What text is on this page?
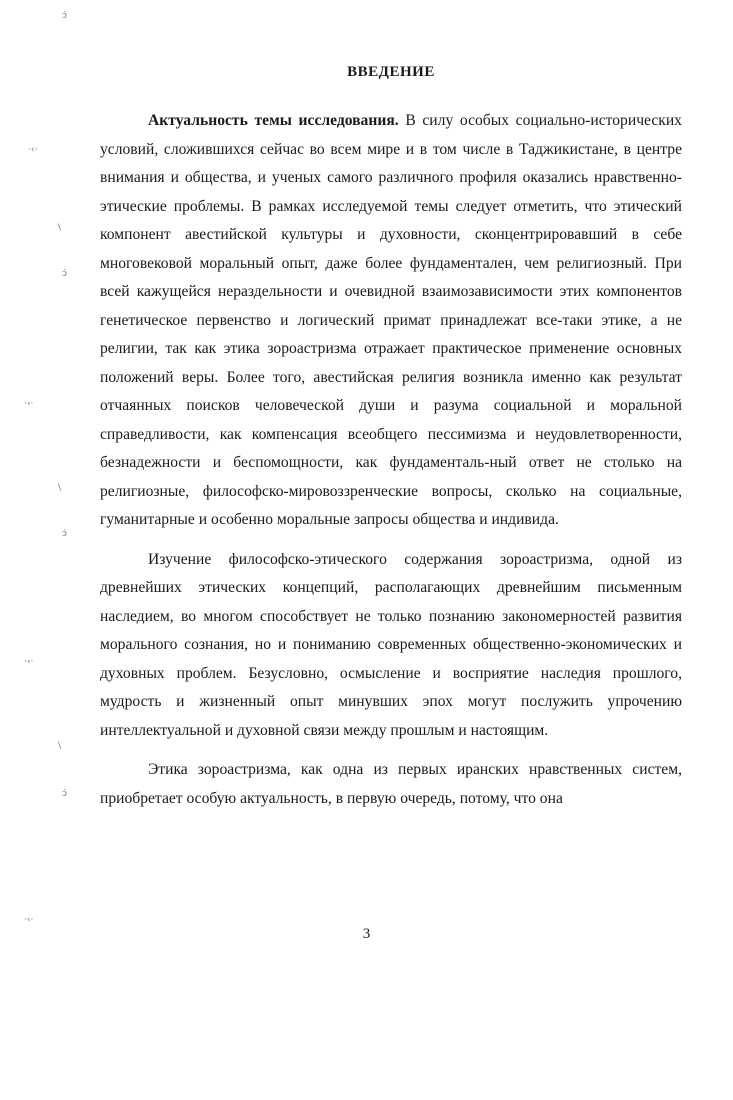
ↄ̇
·‹·
\
ↄ̇
·‹·
\
ↄ̇
·‹·
\
ↄ̇
·‹·
ВВЕДЕНИЕ

Актуальность темы исследования. В силу особых социально-исторических условий, сложившихся сейчас во всем мире и в том числе в Таджикистане, в центре внимания и общества, и ученых самого различного профиля оказались нравственно-этические проблемы. В рамках исследуемой темы следует отметить, что этический компонент авестийской культуры и духовности, сконцентрировавший в себе многовековой моральный опыт, даже более фундаментален, чем религиозный. При всей кажущейся нераздельности и очевидной взаимозависимости этих компонентов генетическое первенство и логический примат принадлежат все-таки этике, а не религии, так как этика зороастризма отражает практическое применение основных положений веры. Более того, авестийская религия возникла именно как результат отчаянных поисков человеческой души и разума социальной и моральной справедливости, как компенсация всеобщего пессимизма и неудовлетворенности, безнадежности и беспомощности, как фундаменталь-ный ответ не столько на религиозные, философско-мировоззренческие вопросы, сколько на социальные, гуманитарные и особенно моральные запросы общества и индивида.

Изучение философско-этического содержания зороастризма, одной из древнейших этических концепций, располагающих древнейшим письменным наследием, во многом способствует не только познанию закономерностей развития морального сознания, но и пониманию современных общественно-экономических и духовных проблем. Безусловно, осмысление и восприятие наследия прошлого, мудрость и жизненный опыт минувших эпох могут послужить упрочению интеллектуальной и духовной связи между прошлым и настоящим.

Этика зороастризма, как одна из первых иранских нравственных систем, приобретает особую актуальность, в первую очередь, потому, что она

3
